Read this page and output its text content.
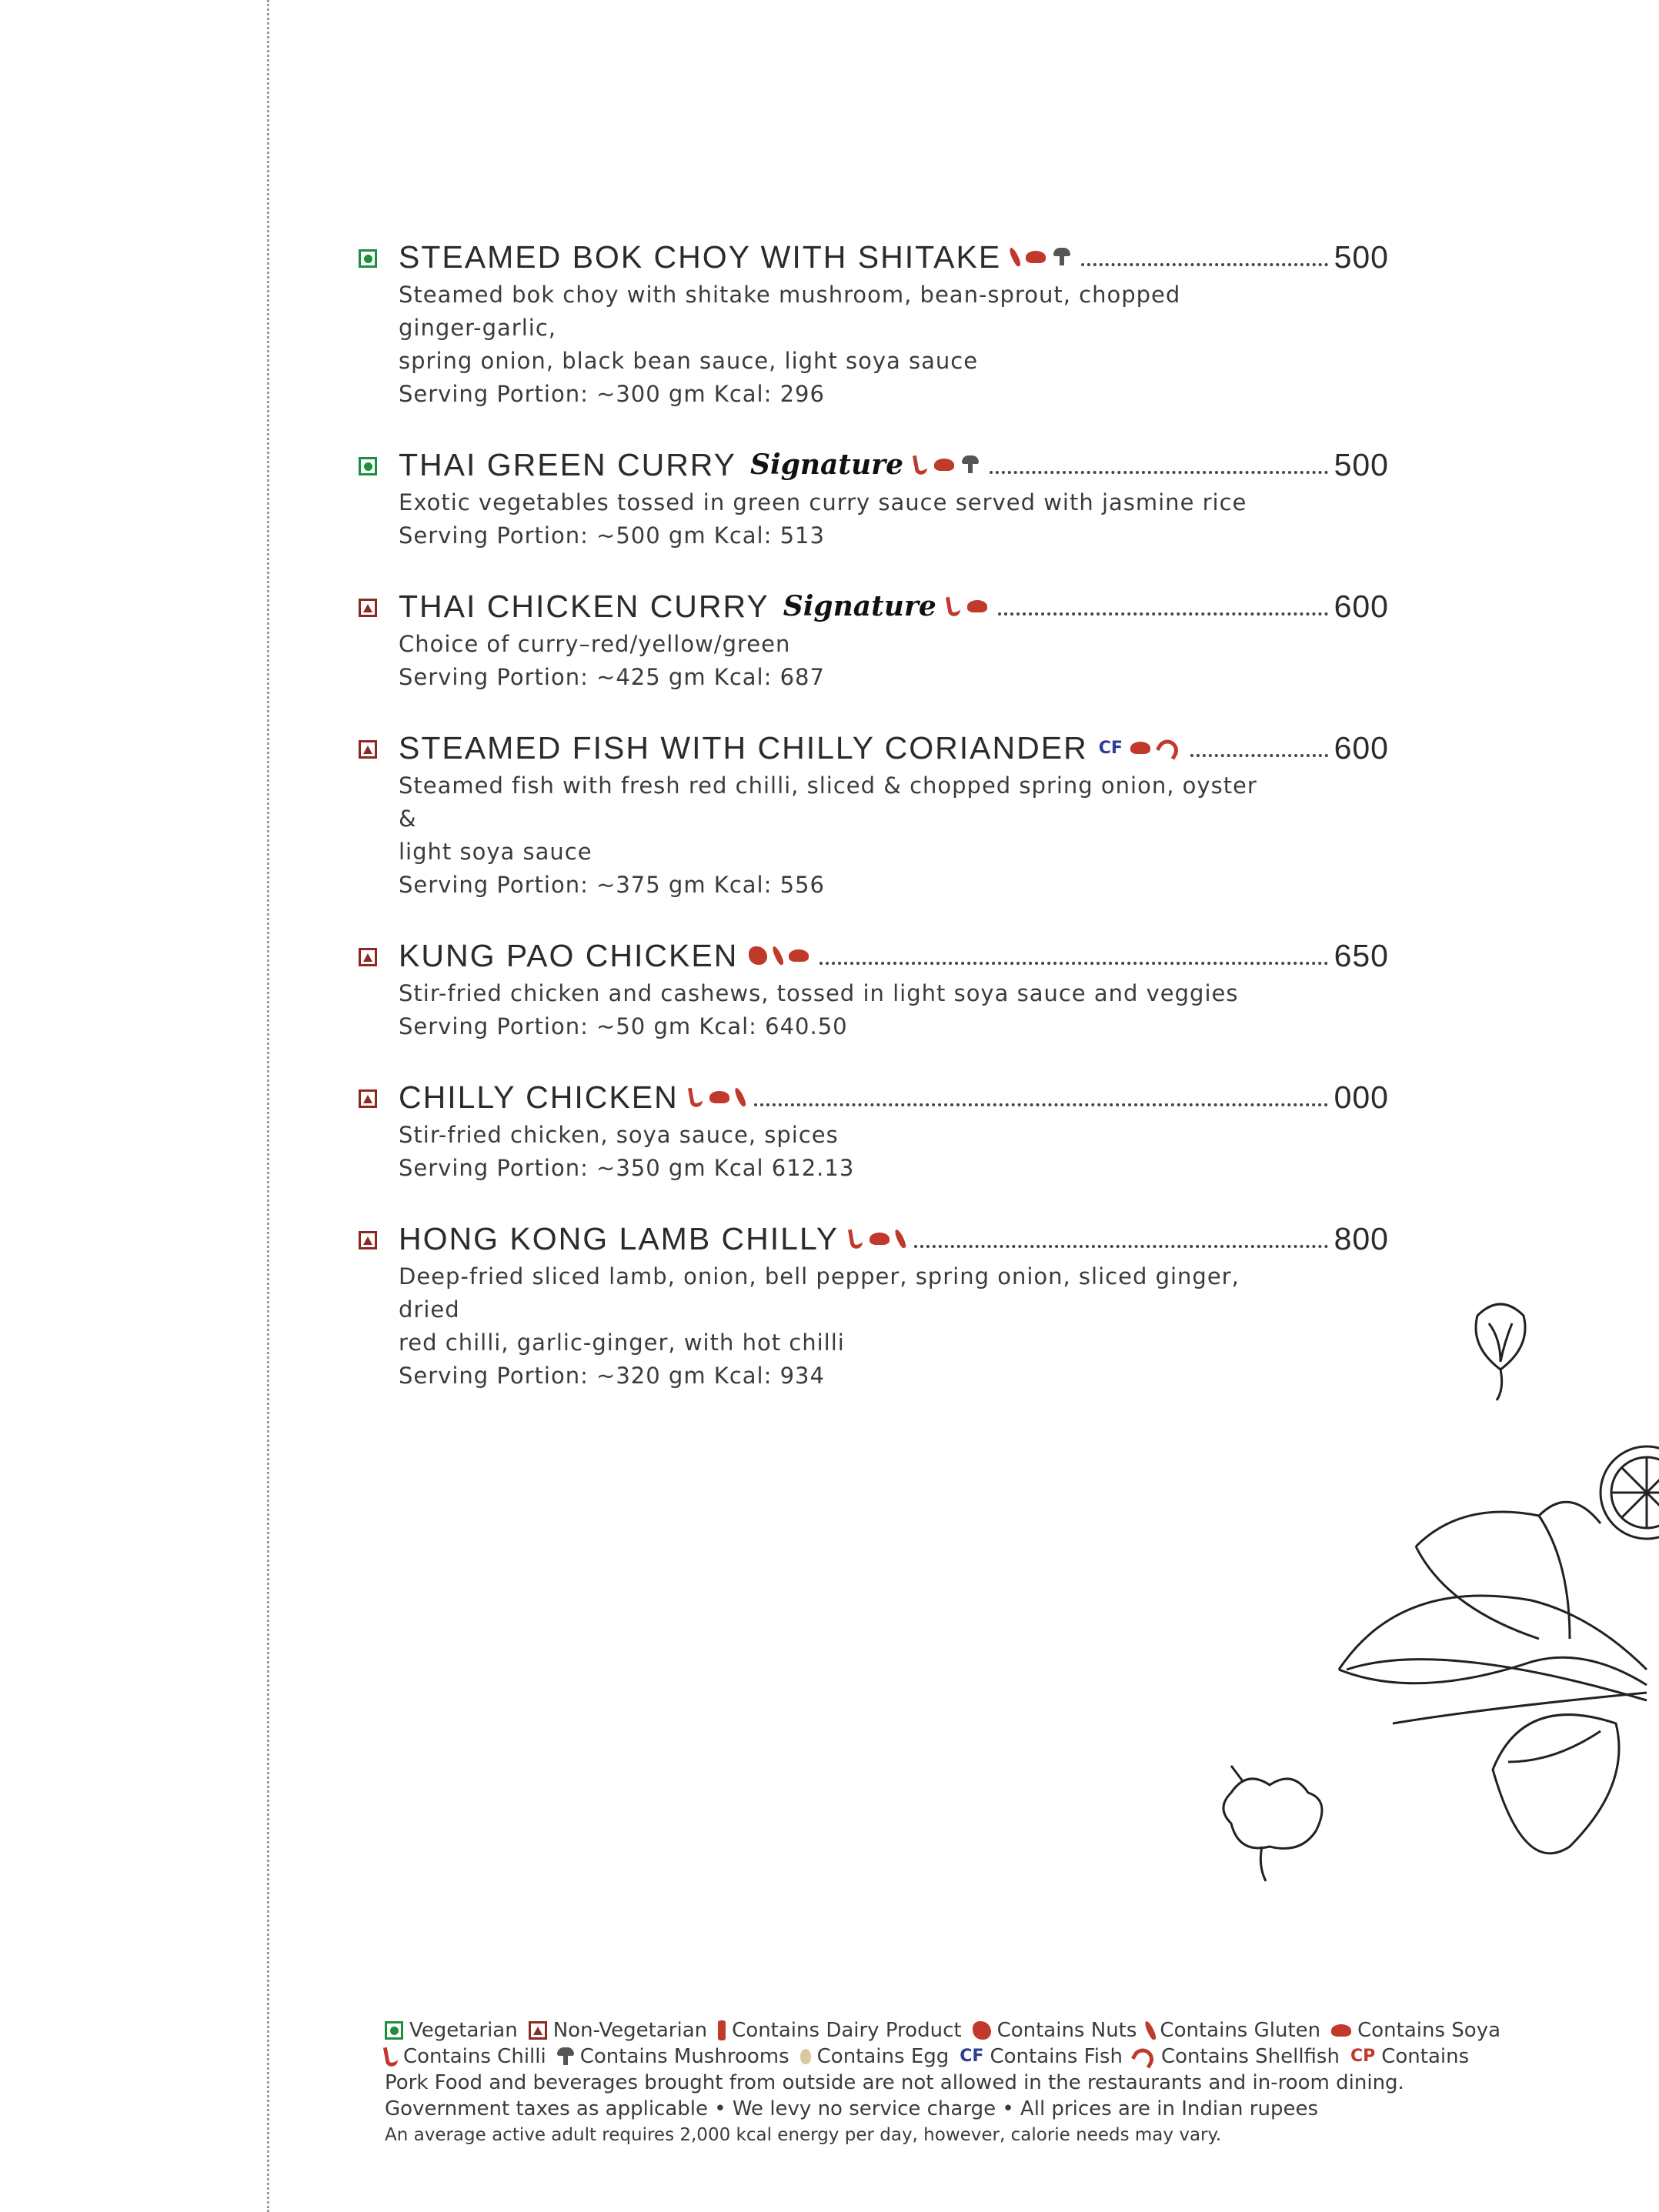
STEAMED BOK CHOY WITH SHITAKE	500
Steamed bok choy with shitake mushroom, bean-sprout, chopped ginger-garlic,
spring onion, black bean sauce, light soya sauce
Serving Portion: ~300 gm Kcal: 296
THAI GREEN CURRY Signature	500
Exotic vegetables tossed in green curry sauce served with jasmine rice
Serving Portion: ~500 gm Kcal: 513
THAI CHICKEN CURRY Signature	600
Choice of curry–red/yellow/green
Serving Portion: ~425 gm Kcal: 687
STEAMED FISH WITH CHILLY CORIANDER CF	600
Steamed fish with fresh red chilli, sliced & chopped spring onion, oyster &
light soya sauce
Serving Portion: ~375 gm Kcal: 556
KUNG PAO CHICKEN	650
Stir-fried chicken and cashews, tossed in light soya sauce and veggies
Serving Portion: ~50 gm Kcal: 640.50
CHILLY CHICKEN	000
Stir-fried chicken, soya sauce, spices
Serving Portion: ~350 gm Kcal 612.13
HONG KONG LAMB CHILLY	800
Deep-fried sliced lamb, onion, bell pepper, spring onion, sliced ginger, dried
red chilli, garlic-ginger, with hot chilli
Serving Portion: ~320 gm Kcal: 934
Vegetarian Non-Vegetarian Contains Dairy Product Contains Nuts Contains Gluten Contains Soya
Contains Chilli Contains Mushrooms Contains Egg CF Contains Fish Contains Shellfish CP Contains
Pork Food and beverages brought from outside are not allowed in the restaurants and in-room dining.
Government taxes as applicable • We levy no service charge • All prices are in Indian rupees
An average active adult requires 2,000 kcal energy per day, however, calorie needs may vary.
